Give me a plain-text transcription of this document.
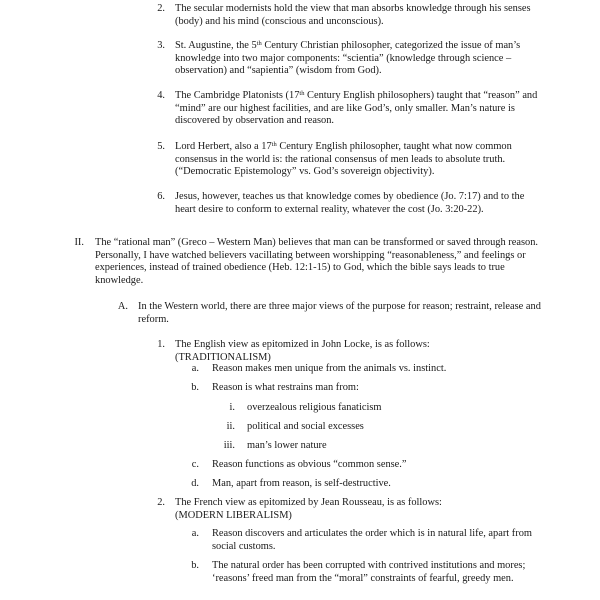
2. The secular modernists hold the view that man absorbs knowledge through his senses (body) and his mind (conscious and unconscious).
3. St. Augustine, the 5th Century Christian philosopher, categorized the issue of man’s knowledge into two major components: “scientia” (knowledge through science – observation) and “sapientia” (wisdom from God).
4. The Cambridge Platonists (17th Century English philosophers) taught that “reason” and “mind” are our highest facilities, and are like God’s, only smaller. Man’s nature is discovered by observation and reason.
5. Lord Herbert, also a 17th Century English philosopher, taught what now common consensus in the world is: the rational consensus of men leads to absolute truth. (“Democratic Epistemology” vs. God’s sovereign objectivity).
6. Jesus, however, teaches us that knowledge comes by obedience (Jo. 7:17) and to the heart desire to conform to external reality, whatever the cost (Jo. 3:20-22).
II. The “rational man” (Greco – Western Man) believes that man can be transformed or saved through reason. Personally, I have watched believers vacillating between worshipping “reasonableness,” and feelings or experiences, instead of trained obedience (Heb. 12:1-15) to God, which the bible says leads to true knowledge.
A. In the Western world, there are three major views of the purpose for reason; restraint, release and reform.
1. The English view as epitomized in John Locke, is as follows:
(TRADITIONALISM)
a. Reason makes men unique from the animals vs. instinct.
b. Reason is what restrains man from:
i. overzealous religious fanaticism
ii. political and social excesses
iii. man’s lower nature
c. Reason functions as obvious “common sense.”
d. Man, apart from reason, is self-destructive.
2. The French view as epitomized by Jean Rousseau, is as follows:
(MODERN LIBERALISM)
a. Reason discovers and articulates the order which is in natural life, apart from social customs.
b. The natural order has been corrupted with contrived institutions and mores; ‘reasons’ freed man from the “moral” constraints of fearful, greedy men.
